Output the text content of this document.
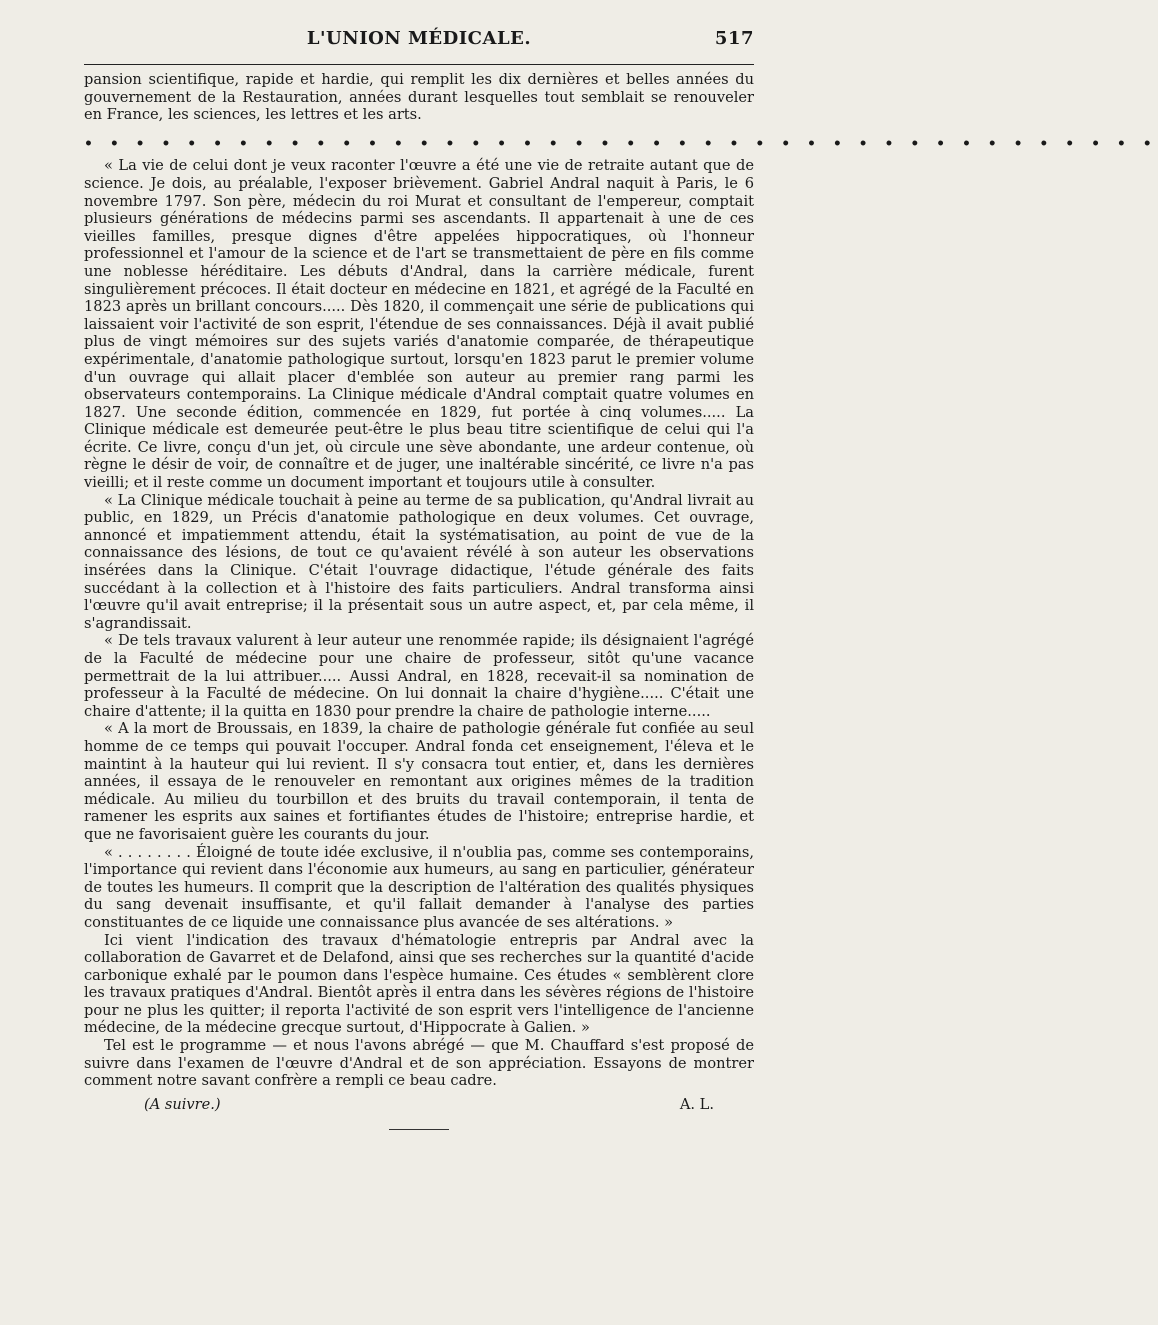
L'UNION MÉDICALE.	517

pansion scientifique, rapide et hardie, qui remplit les dix dernières et belles années du gouvernement de la Restauration, années durant lesquelles tout semblait se renouveler en France, les sciences, les lettres et les arts.

• • • • • • • • • • • • • • • • • • • • • • • • • • • • • • • • • • • • • • • • • •

« La vie de celui dont je veux raconter l'œuvre a été une vie de retraite autant que de science. Je dois, au préalable, l'exposer brièvement. Gabriel Andral naquit à Paris, le 6 novembre 1797. Son père, médecin du roi Murat et consultant de l'empereur, comptait plusieurs générations de médecins parmi ses ascendants. Il appartenait à une de ces vieilles familles, presque dignes d'être appelées hippocratiques, où l'honneur professionnel et l'amour de la science et de l'art se transmettaient de père en fils comme une noblesse héréditaire. Les débuts d'Andral, dans la carrière médicale, furent singulièrement précoces. Il était docteur en médecine en 1821, et agrégé de la Faculté en 1823 après un brillant concours..... Dès 1820, il commençait une série de publications qui laissaient voir l'activité de son esprit, l'étendue de ses connaissances. Déjà il avait publié plus de vingt mémoires sur des sujets variés d'anatomie comparée, de thérapeutique expérimentale, d'anatomie pathologique surtout, lorsqu'en 1823 parut le premier volume d'un ouvrage qui allait placer d'emblée son auteur au premier rang parmi les observateurs contemporains. La Clinique médicale d'Andral comptait quatre volumes en 1827. Une seconde édition, commencée en 1829, fut portée à cinq volumes..... La Clinique médicale est demeurée peut-être le plus beau titre scientifique de celui qui l'a écrite. Ce livre, conçu d'un jet, où circule une sève abondante, une ardeur contenue, où règne le désir de voir, de connaître et de juger, une inaltérable sincérité, ce livre n'a pas vieilli; et il reste comme un document important et toujours utile à consulter.

« La Clinique médicale touchait à peine au terme de sa publication, qu'Andral livrait au public, en 1829, un Précis d'anatomie pathologique en deux volumes. Cet ouvrage, annoncé et impatiemment attendu, était la systématisation, au point de vue de la connaissance des lésions, de tout ce qu'avaient révélé à son auteur les observations insérées dans la Clinique. C'était l'ouvrage didactique, l'étude générale des faits succédant à la collection et à l'histoire des faits particuliers. Andral transforma ainsi l'œuvre qu'il avait entreprise; il la présentait sous un autre aspect, et, par cela même, il s'agrandissait.

« De tels travaux valurent à leur auteur une renommée rapide; ils désignaient l'agrégé de la Faculté de médecine pour une chaire de professeur, sitôt qu'une vacance permettrait de la lui attribuer..... Aussi Andral, en 1828, recevait-il sa nomination de professeur à la Faculté de médecine. On lui donnait la chaire d'hygiène..... C'était une chaire d'attente; il la quitta en 1830 pour prendre la chaire de pathologie interne.....

« A la mort de Broussais, en 1839, la chaire de pathologie générale fut confiée au seul homme de ce temps qui pouvait l'occuper. Andral fonda cet enseignement, l'éleva et le maintint à la hauteur qui lui revient. Il s'y consacra tout entier, et, dans les dernières années, il essaya de le renouveler en remontant aux origines mêmes de la tradition médicale. Au milieu du tourbillon et des bruits du travail contemporain, il tenta de ramener les esprits aux saines et fortifiantes études de l'histoire; entreprise hardie, et que ne favorisaient guère les courants du jour.

« . . . . . . . . Éloigné de toute idée exclusive, il n'oublia pas, comme ses contemporains, l'importance qui revient dans l'économie aux humeurs, au sang en particulier, générateur de toutes les humeurs. Il comprit que la description de l'altération des qualités physiques du sang devenait insuffisante, et qu'il fallait demander à l'analyse des parties constituantes de ce liquide une connaissance plus avancée de ses altérations. »

Ici vient l'indication des travaux d'hématologie entrepris par Andral avec la collaboration de Gavarret et de Delafond, ainsi que ses recherches sur la quantité d'acide carbonique exhalé par le poumon dans l'espèce humaine. Ces études « semblèrent clore les travaux pratiques d'Andral. Bientôt après il entra dans les sévères régions de l'histoire pour ne plus les quitter; il reporta l'activité de son esprit vers l'intelligence de l'ancienne médecine, de la médecine grecque surtout, d'Hippocrate à Galien. »

Tel est le programme — et nous l'avons abrégé — que M. Chauffard s'est proposé de suivre dans l'examen de l'œuvre d'Andral et de son appréciation. Essayons de montrer comment notre savant confrère a rempli ce beau cadre.

(A suivre.)	A. L.
